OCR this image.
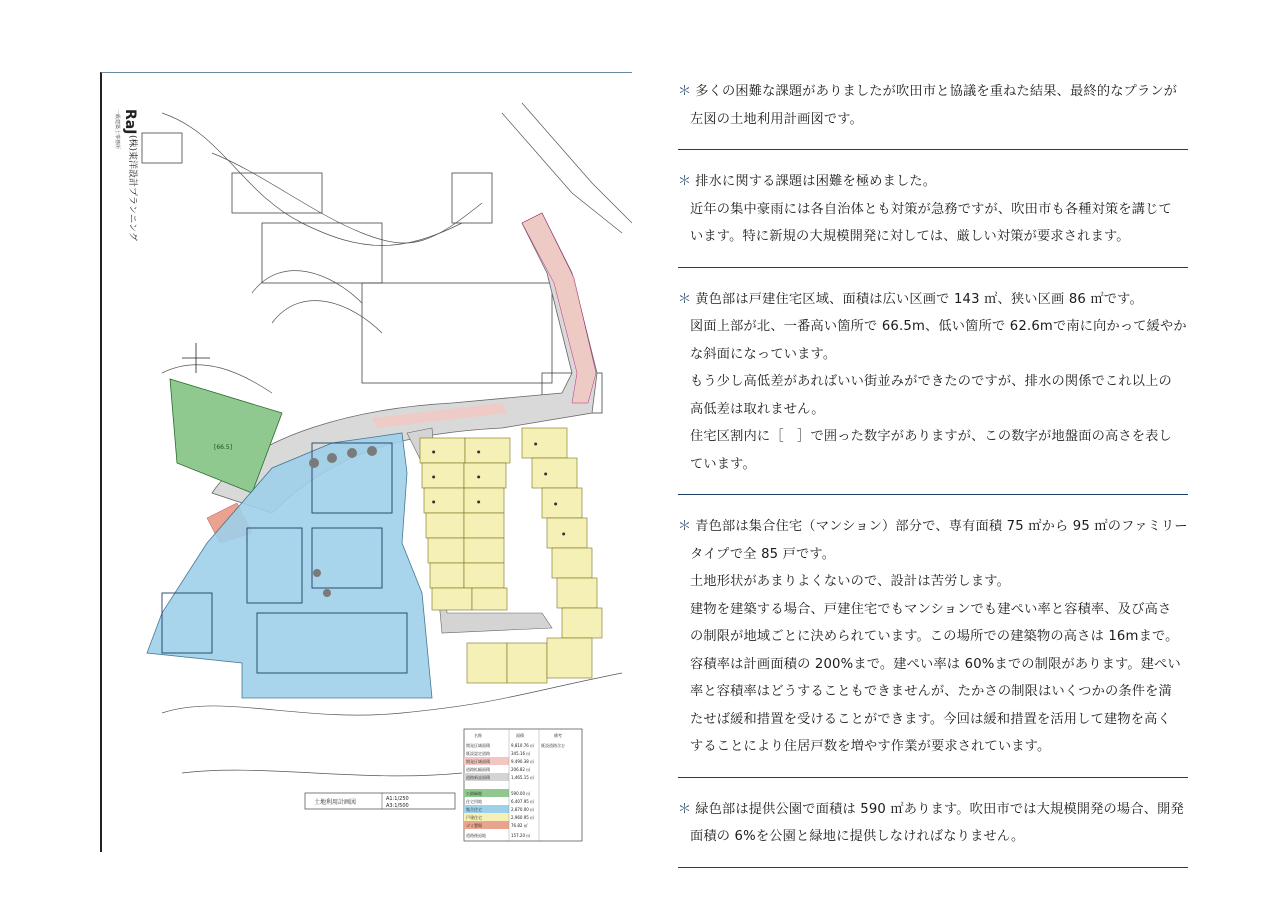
RaJ
(株)東洋設計プランニング
一級建築士事務所
[66.5]
●	●
●	●
●	●
●
●
●
●
名称	面積	備考
開発区域面積	9,810.76 ㎡ 既設道路含む
既設認定道路	345.16 ㎡
開発区域面積	9,490.38 ㎡
道路拡幅面積	206.82 ㎡
道路新設面積	1,465.15 ㎡
公園緑地	590.00 ㎡
住宅用地	6,407.95 ㎡
集合住宅	2,870.00 ㎡
戸建住宅	2,960.95 ㎡
ゴミ置場	76.82 ㎡
道路後退地	157.20 ㎡
土地利用計画図	A1:1/250
A3:1/500

＊ 多くの困難な課題がありましたが吹田市と協議を重ねた結果、最終的なプランが

左図の土地利用計画図です。

＊ 排水に関する課題は困難を極めました。

近年の集中豪雨には各自治体とも対策が急務ですが、吹田市も各種対策を講じて

います。特に新規の大規模開発に対しては、厳しい対策が要求されます。

＊ 黄色部は戸建住宅区域、面積は広い区画で 143 ㎡、狭い区画 86 ㎡です。

図面上部が北、一番高い箇所で 66.5m、低い箇所で 62.6mで南に向かって緩やか

な斜面になっています。

もう少し高低差があればいい街並みができたのですが、排水の関係でこれ以上の

高低差は取れません。

住宅区割内に［　］で囲った数字がありますが、この数字が地盤面の高さを表し

ています。

＊ 青色部は集合住宅（マンション）部分で、専有面積 75 ㎡から 95 ㎡のファミリー

タイプで全 85 戸です。

土地形状があまりよくないので、設計は苦労します。

建物を建築する場合、戸建住宅でもマンションでも建ぺい率と容積率、及び高さ

の制限が地域ごとに決められています。この場所での建築物の高さは 16mまで。

容積率は計画面積の 200%まで。建ぺい率は 60%までの制限があります。建ぺい

率と容積率はどうすることもできませんが、たかさの制限はいくつかの条件を満

たせば緩和措置を受けることができます。今回は緩和措置を活用して建物を高く

することにより住居戸数を増やす作業が要求されています。

＊ 緑色部は提供公園で面積は 590 ㎡あります。吹田市では大規模開発の場合、開発

面積の 6%を公園と緑地に提供しなければなりません。
